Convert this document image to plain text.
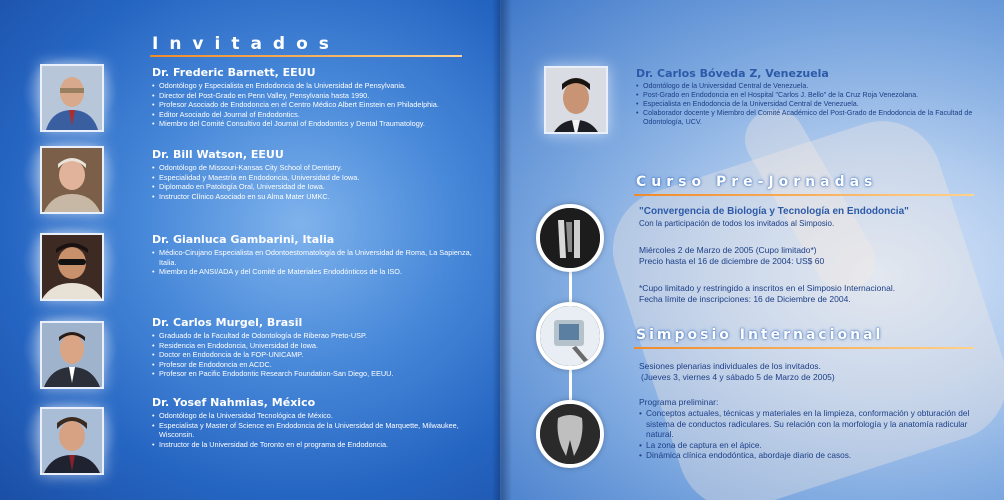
Invitados
Dr. Frederic Barnett, EEUU
• Odontólogo y Especialista en Endodoncia de la Universidad de Pensylvania.
• Director del Post-Grado en Penn Valley, Pensylvania hasta 1990.
• Profesor Asociado de Endodoncia en el Centro Médico Albert Einstein en Philadelphia.
• Editor Asociado del Journal of Endodontics.
• Miembro del Comité Consultivo del Journal of Endodontics y Dental Traumatology.
Dr. Bill Watson, EEUU
• Odontólogo de Missouri-Kansas City School of Dentistry.
• Especialidad y Maestría en Endodoncia, Universidad de Iowa.
• Diplomado en Patología Oral, Universidad de Iowa.
• Instructor Clínico Asociado en su Alma Mater UMKC.
Dr. Gianluca Gambarini, Italia
• Médico-Cirujano Especialista en Odontoestomatología de la Universidad de Roma, La Sapienza, Italia.
• Miembro de ANSI/ADA y del Comité de Materiales Endodónticos de la ISO.
Dr. Carlos Murgel, Brasil
• Graduado de la Facultad de Odontología de Riberao Preto-USP.
• Residencia en Endodoncia, Universidad de Iowa.
• Doctor en Endodoncia de la FOP-UNICAMP.
• Profesor de Endodoncia en ACDC.
• Profesor en Pacific Endodontic Research Foundation-San Diego, EEUU.
Dr. Yosef Nahmias, México
• Odontólogo de la Universidad Tecnológica de México.
• Especialista y Master of Science en Endodoncia de la Universidad de Marquette, Milwaukee, Wisconsin.
• Instructor de la Universidad de Toronto en el programa de Endodoncia.
Dr. Carlos Bóveda Z, Venezuela
• Odontólogo de la Universidad Central de Venezuela.
• Post-Grado en Endodoncia en el Hospital "Carlos J. Bello" de la Cruz Roja Venezolana.
• Especialista en Endodoncia de la Universidad Central de Venezuela.
• Colaborador docente y Miembro del Comité Académico del Post-Grado de Endodoncia de la Facultad de Odontología, UCV.
Curso Pre-Jornadas
"Convergencia de Biología y Tecnología en Endodoncia"
Con la participación de todos los invitados al Simposio.
Miércoles 2 de Marzo de 2005 (Cupo limitado*)
Precio hasta el 16 de diciembre de 2004: US$ 60
*Cupo limitado y restringido a inscritos en el Simposio Internacional.
Fecha límite de inscripciones: 16 de Diciembre de 2004.
Simposio Internacional
Sesiones plenarias individuales de los invitados.
(Jueves 3, viernes 4 y sábado 5 de Marzo de 2005)
Programa preliminar:
• Conceptos actuales, técnicas y materiales en la limpieza, conformación y obturación del sistema de conductos radiculares. Su relación con la morfología y la anatomía radicular natural.
• La zona de captura en el ápice.
• Dinámica clínica endodóntica, abordaje diario de casos.
